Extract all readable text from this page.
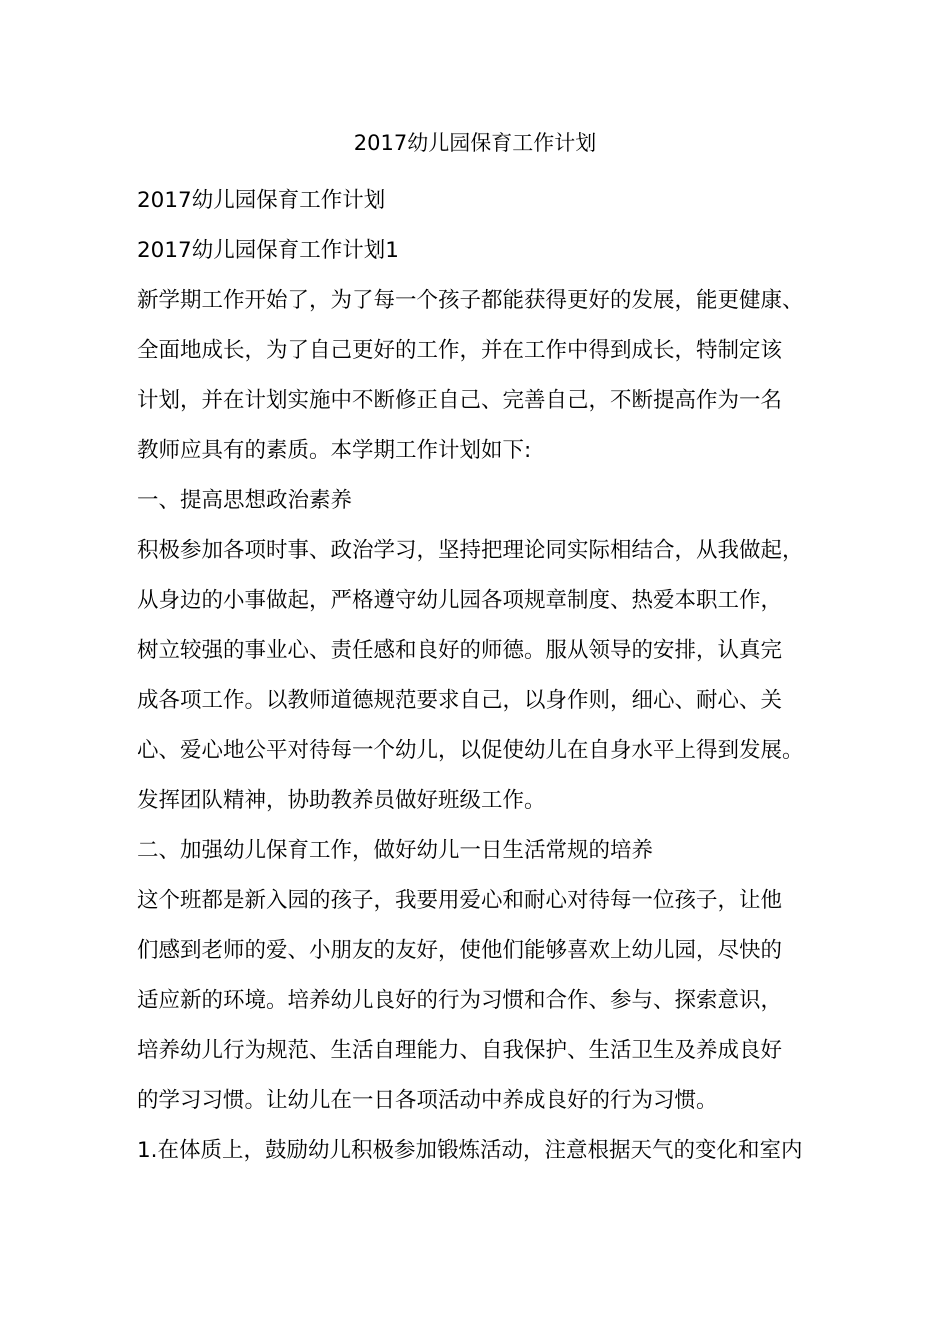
2017幼儿园保育工作计划
2017幼儿园保育工作计划
2017幼儿园保育工作计划1
新学期工作开始了，为了每一个孩子都能获得更好的发展，能更健康、
全面地成长，为了自己更好的工作，并在工作中得到成长，特制定该
计划，并在计划实施中不断修正自己、完善自己，不断提高作为一名
教师应具有的素质。本学期工作计划如下:
一、提高思想政治素养
积极参加各项时事、政治学习，坚持把理论同实际相结合，从我做起，
从身边的小事做起，严格遵守幼儿园各项规章制度、热爱本职工作，
树立较强的事业心、责任感和良好的师德。服从领导的安排，认真完
成各项工作。以教师道德规范要求自己，以身作则，细心、耐心、关
心、爱心地公平对待每一个幼儿，以促使幼儿在自身水平上得到发展。
发挥团队精神，协助教养员做好班级工作。
二、加强幼儿保育工作，做好幼儿一日生活常规的培养
这个班都是新入园的孩子，我要用爱心和耐心对待每一位孩子，让他
们感到老师的爱、小朋友的友好，使他们能够喜欢上幼儿园，尽快的
适应新的环境。培养幼儿良好的行为习惯和合作、参与、探索意识，
培养幼儿行为规范、生活自理能力、自我保护、生活卫生及养成良好
的学习习惯。让幼儿在一日各项活动中养成良好的行为习惯。
1.在体质上，鼓励幼儿积极参加锻炼活动，注意根据天气的变化和室内
